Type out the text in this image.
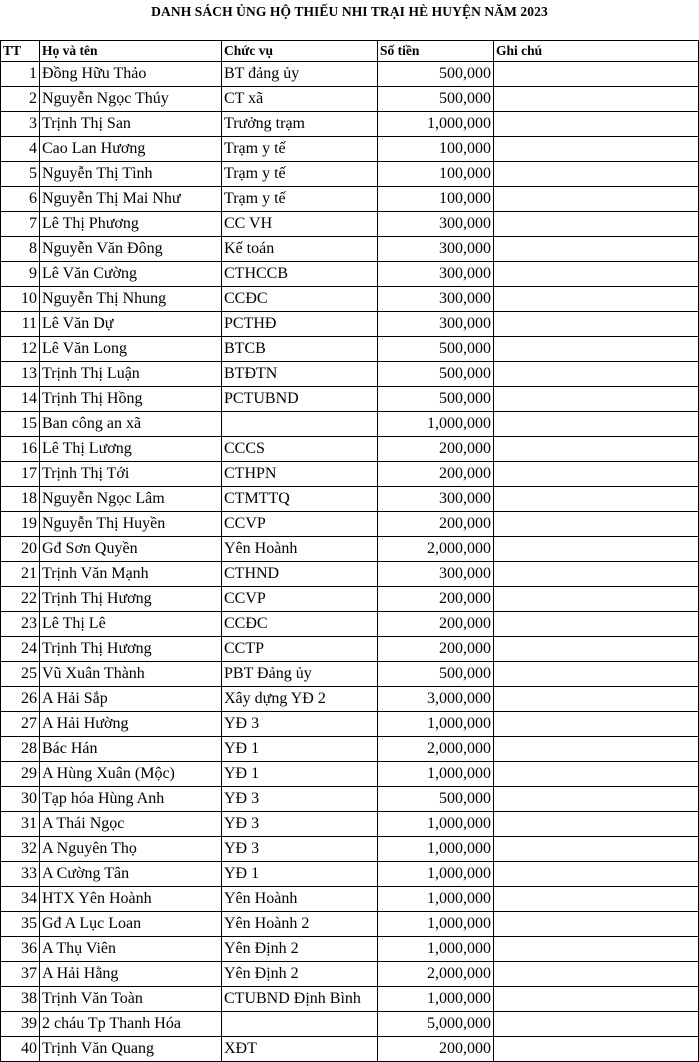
DANH SÁCH ỦNG HỘ THIẾU NHI TRẠI HÈ HUYỆN NĂM 2023
TT	Họ và tên	Chức vụ	Số tiền	Ghi chú
1	Đồng Hữu Thảo	BT đảng ủy	500,000	
2	Nguyễn Ngọc Thúy	CT xã	500,000	
3	Trịnh Thị San	Trưởng trạm	1,000,000	
4	Cao Lan Hương	Trạm y tế	100,000	
5	Nguyễn Thị Tình	Trạm y tế	100,000	
6	Nguyễn Thị Mai Như	Trạm y tế	100,000	
7	Lê Thị Phương	CC VH	300,000	
8	Nguyễn Văn Đông	Kế toán	300,000	
9	Lê Văn Cường	CTHCCB	300,000	
10	Nguyễn Thị Nhung	CCĐC	300,000	
11	Lê Văn Dự	PCTHĐ	300,000	
12	Lê Văn Long	BTCB	500,000	
13	Trịnh Thị Luận	BTĐTN	500,000	
14	Trịnh Thị Hồng	PCTUBND	500,000	
15	Ban công an xã		1,000,000	
16	Lê Thị Lương	CCCS	200,000	
17	Trịnh Thị Tới	CTHPN	200,000	
18	Nguyễn Ngọc Lâm	CTMTTQ	300,000	
19	Nguyễn Thị Huyền	CCVP	200,000	
20	Gđ Sơn Quyền	Yên Hoành	2,000,000	
21	Trịnh Văn Mạnh	CTHND	300,000	
22	Trịnh Thị Hương	CCVP	200,000	
23	Lê Thị Lê	CCĐC	200,000	
24	Trịnh Thị Hương	CCTP	200,000	
25	Vũ Xuân Thành	PBT Đảng ủy	500,000	
26	A Hải Sắp	Xây dựng YĐ 2	3,000,000	
27	A Hải Hường	YĐ 3	1,000,000	
28	Bác Hán	YĐ 1	2,000,000	
29	A Hùng Xuân (Mộc)	YĐ 1	1,000,000	
30	Tạp hóa Hùng Anh	YĐ 3	500,000	
31	A Thái Ngọc	YĐ 3	1,000,000	
32	A Nguyên Thọ	YĐ 3	1,000,000	
33	A Cường Tân	YĐ 1	1,000,000	
34	HTX Yên Hoành	Yên Hoành	1,000,000	
35	Gđ A Lục Loan	Yên Hoành 2	1,000,000	
36	A Thụ Viên	Yên Định 2	1,000,000	
37	A Hải Hằng	Yên Định 2	2,000,000	
38	Trịnh Văn Toàn	CTUBND Định Bình	1,000,000	
39	2 cháu Tp Thanh Hóa		5,000,000	
40	Trịnh Văn Quang	XĐT	200,000	
